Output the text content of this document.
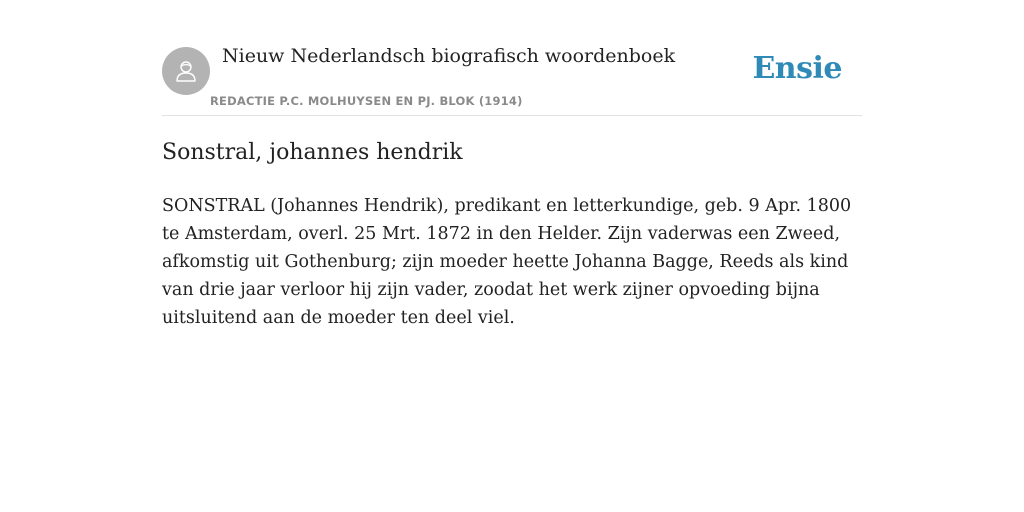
Nieuw Nederlandsch biografisch woordenboek
REDACTIE P.C. MOLHUYSEN EN PJ. BLOK (1914)
Ensie
Sonstral, johannes hendrik

SONSTRAL (Johannes Hendrik), predikant en letterkundige, geb. 9 Apr. 1800 te Amsterdam, overl. 25 Mrt. 1872 in den Helder. Zijn vaderwas een Zweed, afkomstig uit Gothenburg; zijn moeder heette Johanna Bagge, Reeds als kind van drie jaar verloor hij zijn vader, zoodat het werk zijner opvoeding bijna uitsluitend aan de moeder ten deel viel.
